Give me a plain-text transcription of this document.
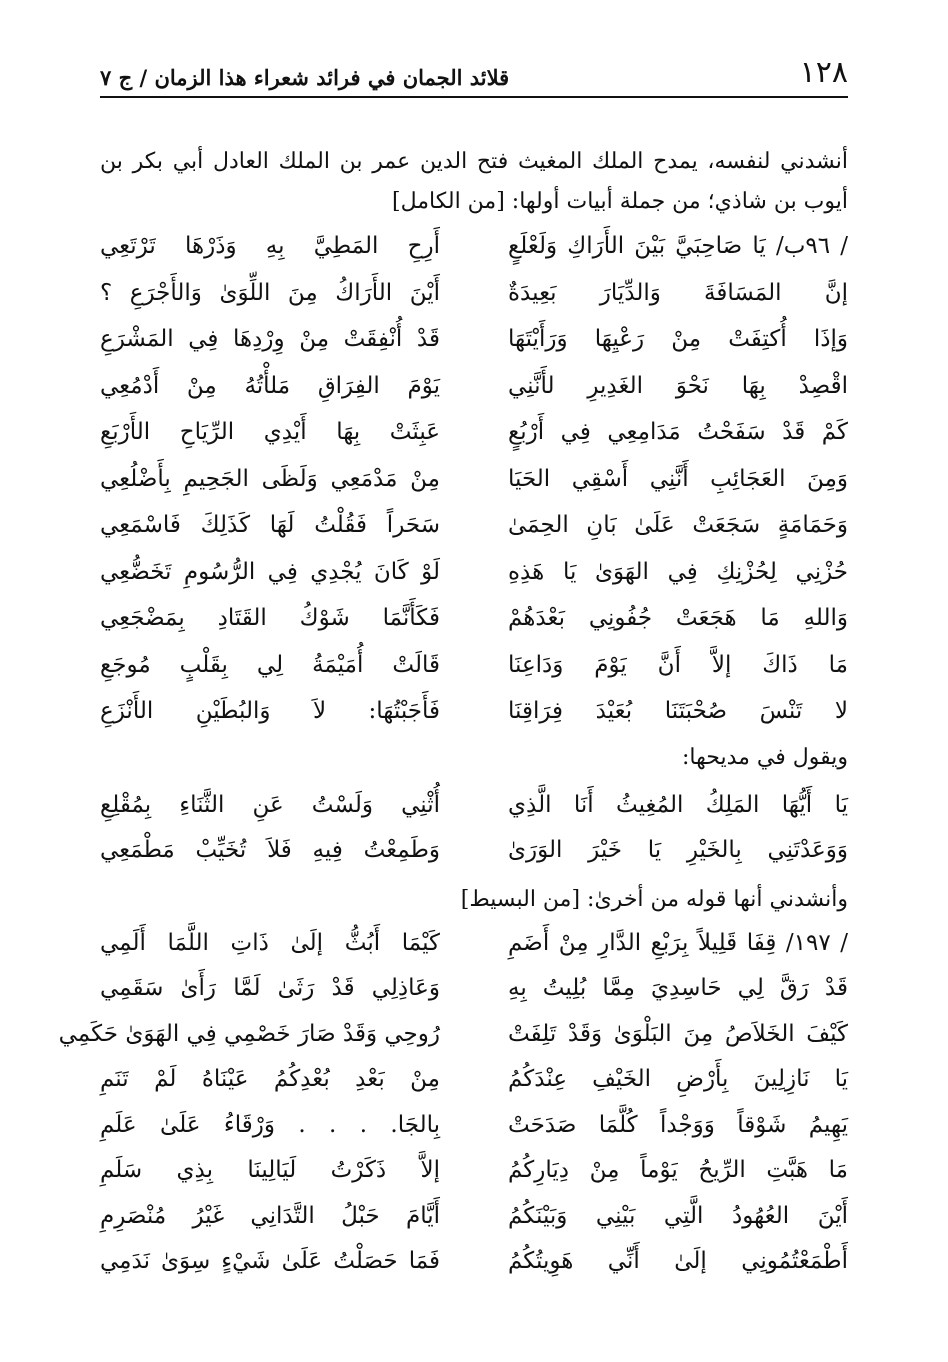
١٢٨
قلائد الجمان في فرائد شعراء هذا الزمان / ج ٧

أنشدني لنفسه، يمدح الملك المغيث فتح الدين عمر بن الملك العادل أبي بكر بن أيوب بن شاذي؛ من جملة أبيات أولها: [من الكامل]

/ ٩٦ب/ يَا صَاحِبَيَّ بَيْنَ الأَرَاكِ وَلَعْلَعٍ
أَرِحِ المَطِيَّ بِهِ وَذَرْهَا تَرْتَعِي
إنَّ المَسَافَةَ وَالدِّيَارَ بَعِيدَةٌ
أَيْنَ الأَرَاكُ مِنَ اللِّوَىٰ وَالأَجْرَعِ ؟
وَإذَا أُكتِفَتْ مِنْ رَعْيِهَا وَرَأَيْتَهَا
قَدْ أُنْفِقَتْ مِنْ وِرْدِهَا فِي المَشْرَعِ
اقْصِدْ بِهَا نَحْوَ الغَدِيرِ لأَنَّنِي
يَوْمَ الفِرَاقِ مَلأْتُهُ مِنْ أَدْمُعِي
كَمْ قَدْ سَفَحْتُ مَدَامِعِي فِي أَرْبُعٍ
عَبِثَتْ بِهَا أَيْدِي الرِّيَاحِ الأَرْبَعِ
وَمِنَ العَجَائِبِ أَنَّنِي أَسْقِي الحَيَا
مِنْ مَدْمَعِي وَلَظَى الجَحِيمِ بِأَضْلُعِي
وَحَمَامَةٍ سَجَعَتْ عَلَىٰ بَانِ الحِمَىٰ
سَحَراً فَقُلْتُ لَهَا كَذَلِكَ فَاسْمَعِي
حُزْنِي لِحُزْنِكِ فِي الهَوَىٰ يَا هَذِهِ
لَوْ كَانَ يُجْدِي فِي الرُّسُومِ تَخَضُّعِي
وَاللهِ مَا هَجَعَتْ جُفُونِي بَعْدَهُمْ
فَكَأَنَّمَا شَوْكُ القَتَادِ بِمَضْجَعِي
مَا ذَاكَ إلاَّ أَنَّ يَوْمَ وَدَاعِنَا
قَالَتْ أُمَيْمَةُ لِي بِقَلْبٍ مُوجَعِ
لا تَنْسَ صُحْبَتَنَا بُعَيْدَ فِرَاقِنَا
فَأَجَبْتُهَا: لاَ وَالبُطَيْنِ الأَنْزَعِ

ويقول في مديحها:

يَا أَيُّهَا المَلِكُ المُغِيثُ أَنَا الَّذِي
أُثْنِي وَلَسْتُ عَنِ الثَّنَاءِ بِمُقْلِعِ
وَوَعَدْتَنِي بِالخَيْرِ يَا خَيْرَ الوَرَىٰ
وَطَمِعْتُ فِيهِ فَلاَ تُخَيِّبْ مَطْمَعِي

وأنشدني أنها قوله من أخرىٰ: [من البسيط]

/ ١٩٧/ قِفَا قَلِيلاً بِرَبْعِ الدَّارِ مِنْ أَضَمِ
كَيْمَا أَبُثُّ إلَىٰ ذَاتِ اللَّمَا أَلَمِي
قَدْ رَقَّ لِي حَاسِدِيَ مِمَّا بُلِيتُ بِهِ
وَعَاذِلِي قَدْ رَثَىٰ لَمَّا رَأَىٰ سَقَمِي
كَيْفَ الخَلاَصُ مِنَ البَلْوَىٰ وَقَدْ تَلِفَتْ
رُوحِي وَقَدْ صَارَ خَصْمِي فِي الهَوَىٰ حَكَمِي
يَا نَازِلِينَ بِأَرْضِ الخَيْفِ عِنْدَكُمُ
مِنْ بَعْدِ بُعْدِكُمُ عَيْنَاهُ لَمْ تَنَمِ
يَهِيمُ شَوْقاً وَوَجْداً كُلَّمَا صَدَحَتْ
بِالجَا. . . . وَرْقَاءُ عَلَىٰ عَلَمِ
مَا هَبَّتِ الرِّيحُ يَوْماً مِنْ دِيَارِكُمُ
إلاَّ ذَكَرْتُ لَيَالِينَا بِذِي سَلَمِ
أَيْنَ العُهُودُ الَّتِي بَيْنِي وَبَيْنَكُمُ
أَيَّامَ حَبْلُ التَّدَانِي غَيْرُ مُنْصَرِمِ
أَطْمَعْتُمُونِي إلَىٰ أَنِّي هَوِيتُكُمُ
فَمَا حَصَلْتُ عَلَىٰ شَيْءٍ سِوَىٰ نَدَمِي
